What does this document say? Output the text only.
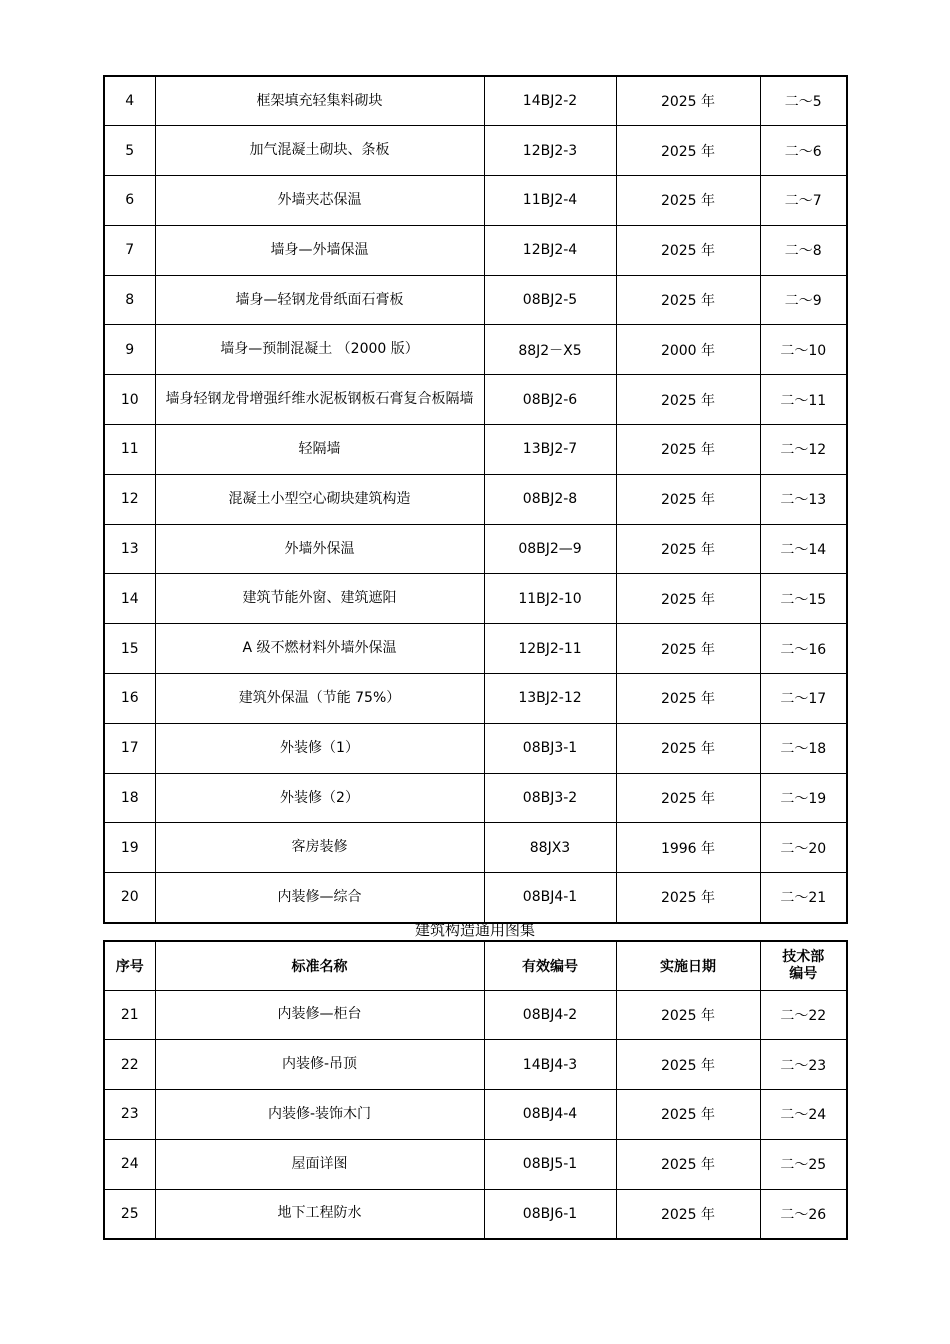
4	框架填充轻集料砌块	14BJ2-2	2025 年	二～5
5	加气混凝土砌块、条板	12BJ2-3	2025 年	二～6
6	外墙夹芯保温	11BJ2-4	2025 年	二～7
7	墙身—外墙保温	12BJ2-4	2025 年	二～8
8	墙身—轻钢龙骨纸面石膏板	08BJ2-5	2025 年	二～9
9	墙身—预制混凝土 （2000 版）	88J2－X5	2000 年	二～10
10	墙身轻钢龙骨增强纤维水泥板钢板石膏复合板隔墙	08BJ2-6	2025 年	二～11
11	轻隔墙	13BJ2-7	2025 年	二～12
12	混凝土小型空心砌块建筑构造	08BJ2-8	2025 年	二～13
13	外墙外保温	08BJ2—9	2025 年	二～14
14	建筑节能外窗、建筑遮阳	11BJ2-10	2025 年	二～15
15	A 级不燃材料外墙外保温	12BJ2-11	2025 年	二～16
16	建筑外保温（节能 75%）	13BJ2-12	2025 年	二～17
17	外装修（1）	08BJ3-1	2025 年	二～18
18	外装修（2）	08BJ3-2	2025 年	二～19
19	客房装修	88JX3	1996 年	二～20
20	内装修—综合	08BJ4-1	2025 年	二～21
建筑构造通用图集
序号	标准名称	有效编号	实施日期	技术部
编号
21	内装修—柜台	08BJ4-2	2025 年	二～22
22	内装修-吊顶	14BJ4-3	2025 年	二～23
23	内装修-装饰木门	08BJ4-4	2025 年	二～24
24	屋面详图	08BJ5-1	2025 年	二～25
25	地下工程防水	08BJ6-1	2025 年	二～26
